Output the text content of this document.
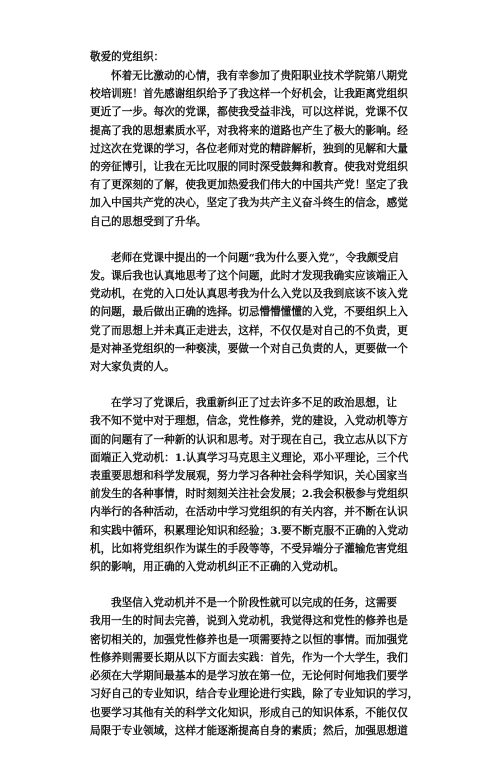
敬爱的党组织：
怀着无比激动的心情，我有幸参加了贵阳职业技术学院第八期党
校培训班！首先感谢组织给予了我这样一个好机会，让我距离党组织
更近了一步。每次的党课，都使我受益非浅，可以这样说，党课不仅
提高了我的思想素质水平，对我将来的道路也产生了极大的影响。经
过这次在党课的学习，各位老师对党的精辟解析，独到的见解和大量
的旁征博引，让我在无比叹服的同时深受鼓舞和教育。使我对党组织
有了更深刻的了解，使我更加热爱我们伟大的中国共产党！坚定了我
加入中国共产党的决心，坚定了我为共产主义奋斗终生的信念，感觉
自己的思想受到了升华。
老师在党课中提出的一个问题“我为什么要入党”，令我颇受启
发。课后我也认真地思考了这个问题，此时才发现我确实应该端正入
党动机，在党的入口处认真思考我为什么入党以及我到底该不该入党
的问题，最后做出正确的选择。切忌懵懵懂懂的入党，不要组织上入
党了而思想上并未真正走进去，这样，不仅仅是对自己的不负责，更
是对神圣党组织的一种亵渎，要做一个对自己负责的人，更要做一个
对大家负责的人。
在学习了党课后，我重新纠正了过去许多不足的政治思想，让
我不知不觉中对于理想，信念，党性修养，党的建设，入党动机等方
面的问题有了一种新的认识和思考。对于现在自己，我立志从以下方
面端正入党动机：1.认真学习马克思主义理论，邓小平理论，三个代
表重要思想和科学发展观，努力学习各种社会科学知识，关心国家当
前发生的各种事情，时时刻刻关注社会发展；2.我会积极参与党组织
内举行的各种活动，在活动中学习党组织的有关内容，并不断在认识
和实践中循环，积累理论知识和经验；3.要不断克服不正确的入党动
机，比如将党组织作为谋生的手段等等，不受异端分子灌输危害党组
织的影响，用正确的入党动机纠正不正确的入党动机。
我坚信入党动机并不是一个阶段性就可以完成的任务，这需要
我用一生的时间去完善，说到入党动机，我觉得这和党性的修养也是
密切相关的，加强党性修养也是一项需要持之以恒的事情。而加强党
性修养则需要长期从以下方面去实践：首先，作为一个大学生，我们
必须在大学期间最基本的是学习放在第一位，无论何时何地我们要学
习好自己的专业知识，结合专业理论进行实践，除了专业知识的学习，
也要学习其他有关的科学文化知识，形成自己的知识体系，不能仅仅
局限于专业领域，这样才能逐渐提高自身的素质；然后，加强思想道
